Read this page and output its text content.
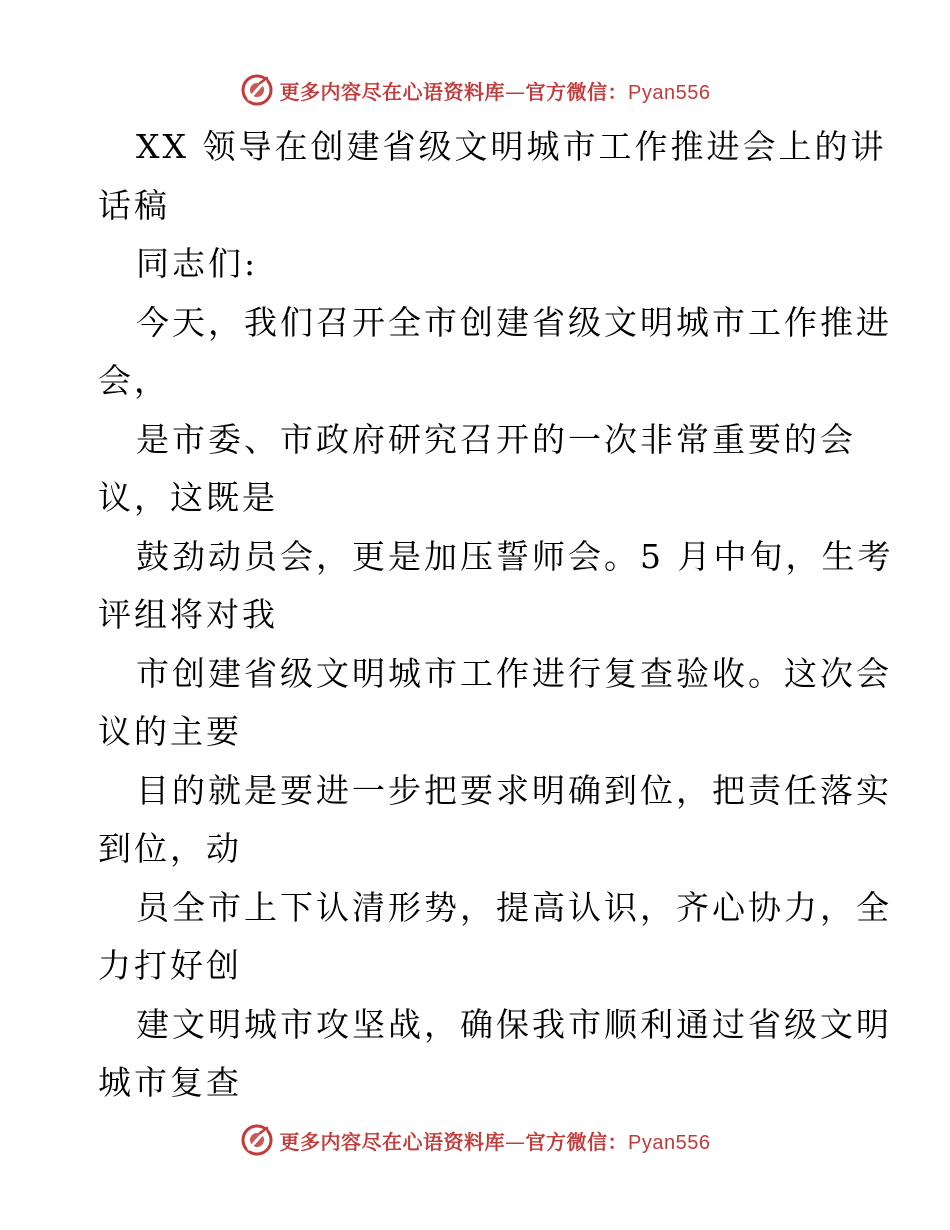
更多内容尽在心语资料库—官方微信：Pyan556
XX 领导在创建省级文明城市工作推进会上的讲
话稿
同志们:
今天，我们召开全市创建省级文明城市工作推进
会，
是市委、市政府研究召开的一次非常重要的会
议，这既是
鼓劲动员会，更是加压誓师会。5 月中旬，生考
评组将对我
市创建省级文明城市工作进行复查验收。这次会
议的主要
目的就是要进一步把要求明确到位，把责任落实
到位，动
员全市上下认清形势，提高认识，齐心协力，全
力打好创
建文明城市攻坚战，确保我市顺利通过省级文明
城市复查
更多内容尽在心语资料库—官方微信：Pyan556
